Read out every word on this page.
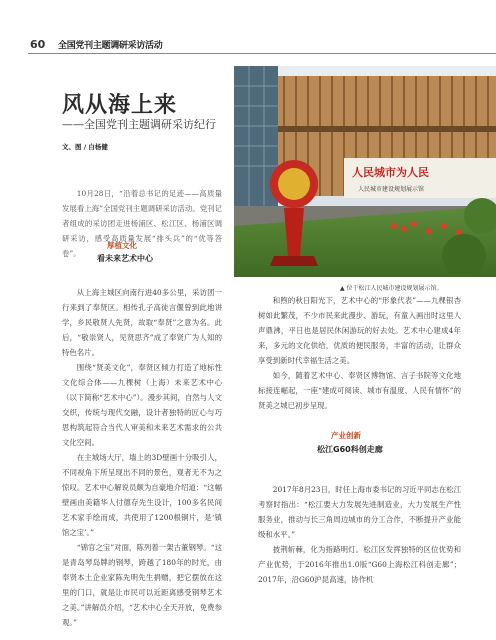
60 全国党刊主题调研采访活动
人民城市为人民
人民城市建设规划展示馆
▲ 位于松江人民城市建设规划展示馆。
风从海上来
——全国党刊主题调研采访纪行
文、图 / 白杨健

10月28日，“沿着总书记的足迹——高质量发展看上海”全国党刊主题调研采访活动。党刊记者组成的采访团走进杨浦区、松江区、杨浦区调研采访，感受高质量发展“排头兵”的“优等答卷”。

厚植文化
看未来艺术中心

从上海主城区向南行进40多公里，采访团一行来到了奉贤区。相传孔子高徒言偃曾到此地讲学，乡民敬贤人先贤，故取“奉贤”之意为名。此后，“敬崇贤人，见贤思齐”成了奉贤广为人知的特色名片。

围绕“贤美文化”，奉贤区倾力打造了地标性文化综合体——九棵树（上海）未来艺术中心（以下简称“艺术中心”）。漫步其间，自然与人文交织，传统与现代交融，设计者独特的匠心与巧思构筑起符合当代人审美和未来艺术需求的公共文化空间。

在主城场大厅，墙上的3D壁画十分吸引人，不同视角下所呈现出不同的景色，观者无不为之惊叹。艺术中心解说员颇为自豪地介绍道：“这幅壁画由美籍华人付德存先生设计，100多名民间艺术家手绘而成，共使用了1200根铜片，是‘镇馆之宝’。”

“锦官之宝”对面，陈列着一架古董钢琴。“这是青岛琴岛牌的钢琴，跨越了180年的时光，由奉贤本土企业家陈先明先生捐赠，把它摆放在这里的门口，就是让市民可以近距离感受钢琴艺术之美。”讲解员介绍，“艺术中心全天开放，免费参观。”

和煦的秋日阳光下，艺术中心的“形象代表”——九棵银杏树如此繁茂，不少市民来此漫步、游玩，有童入画出时这里人声鼎沸，平日也是居民休闲游玩的好去处。艺术中心建成4年来，多元的文化供给，优质的便民服务，丰富的活动，让群众享受到新时代幸福生活之美。

如今，随着艺术中心、奉贤区博物馆、言子书院等文化地标接连崛起，一座“建成可阅读、城市有温度、人民有情怀”的贤美之城已初步呈现。

产业创新
松江G60科创走廊

2017年8月23日，时任上海市委书记的习近平同志在松江考察时指出：“松江要大力发展先进制造业，大力发展生产性服务业，推动与长三角周边城市的分工合作，不断提升产业能级和水平。”

披荆斩棘，化为指路明灯。松江区发挥独特的区位优势和产业优势，于2016年推出1.0版“G60上海松江科创走廊”；2017年，沿G60沪昆高速，协作机
